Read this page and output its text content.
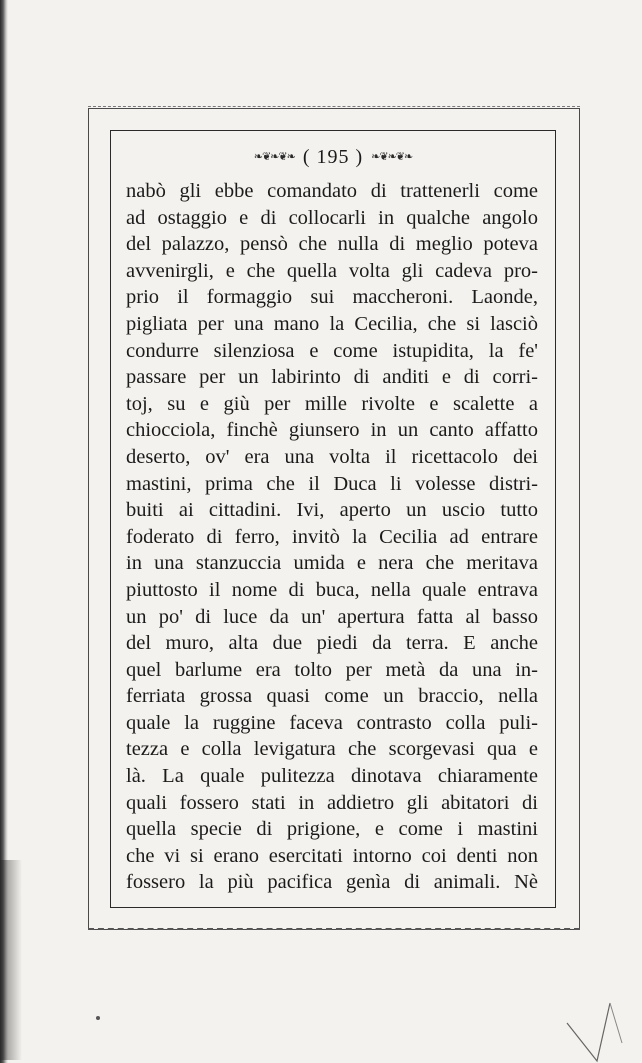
❧❦❧❦❧ ( 195 ) ❧❦❧❦❧
nabò gli ebbe comandato di trattenerli come
ad ostaggio e di collocarli in qualche angolo
del palazzo, pensò che nulla di meglio poteva
avvenirgli, e che quella volta gli cadeva pro-
prio il formaggio sui maccheroni. Laonde,
pigliata per una mano la Cecilia, che si lasciò
condurre silenziosa e come istupidita, la fe'
passare per un labirinto di anditi e di corri-
toj, su e giù per mille rivolte e scalette a
chiocciola, finchè giunsero in un canto affatto
deserto, ov' era una volta il ricettacolo dei
mastini, prima che il Duca li volesse distri-
buiti ai cittadini. Ivi, aperto un uscio tutto
foderato di ferro, invitò la Cecilia ad entrare
in una stanzuccia umida e nera che meritava
piuttosto il nome di buca, nella quale entrava
un po' di luce da un' apertura fatta al basso
del muro, alta due piedi da terra. E anche
quel barlume era tolto per metà da una in-
ferriata grossa quasi come un braccio, nella
quale la ruggine faceva contrasto colla puli-
tezza e colla levigatura che scorgevasi qua e
là. La quale pulitezza dinotava chiaramente
quali fossero stati in addietro gli abitatori di
quella specie di prigione, e come i mastini
che vi si erano esercitati intorno coi denti non
fossero la più pacifica genìa di animali. Nè
